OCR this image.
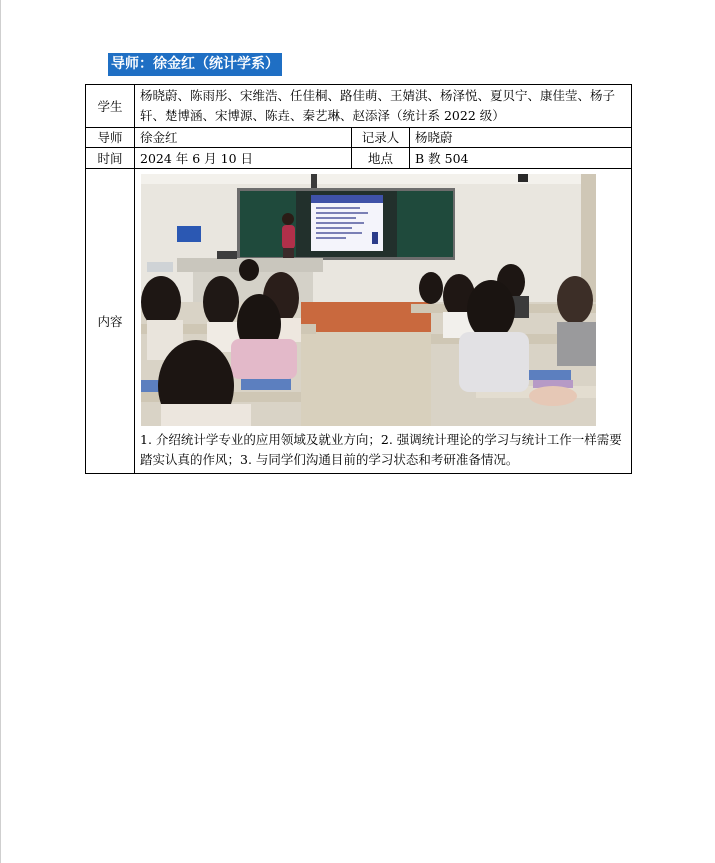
导师：徐金红（统计学系）
学生	杨晓蔚、陈雨彤、宋维浩、任佳桐、路佳萌、王婧淇、杨泽悦、夏贝宁、康佳莹、杨子轩、楚博涵、宋博源、陈垚、秦艺琳、赵添泽（统计系 2022 级）		
导师	徐金红	记录人	杨晓蔚
时间	2024 年 6 月 10 日	地点	B 教 504
内容	1. 介绍统计学专业的应用领域及就业方向；2. 强调统计理论的学习与统计工作一样需要踏实认真的作风；3. 与同学们沟通目前的学习状态和考研准备情况。		
